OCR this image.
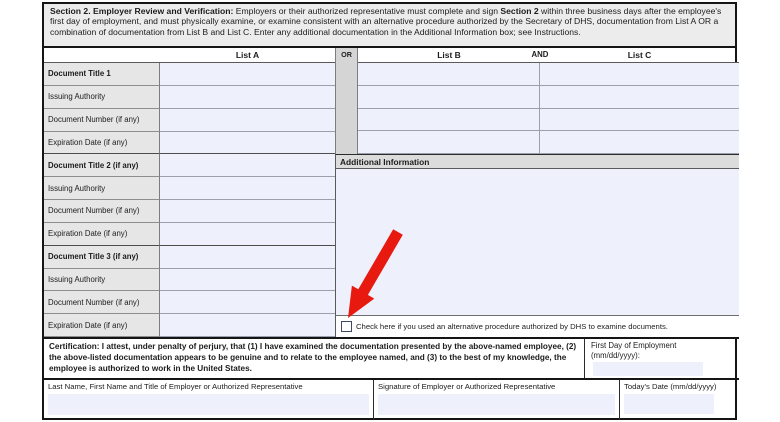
Section 2. Employer Review and Verification: Employers or their authorized representative must complete and sign Section 2 within three business days after the employee's first day of employment, and must physically examine, or examine consistent with an alternative procedure authorized by the Secretary of DHS, documentation from List A OR a combination of documentation from List B and List C. Enter any additional documentation in the Additional Information box; see Instructions.
List A	List B	AND	List C
OR
Document Title 1
Issuing Authority
Document Number (if any)
Expiration Date (if any)
Document Title 2 (if any)
Issuing Authority
Document Number (if any)
Expiration Date (if any)
Document Title 3 (if any)
Issuing Authority
Document Number (if any)
Expiration Date (if any)
Additional Information
Check here if you used an alternative procedure authorized by DHS to examine documents.
Certification: I attest, under penalty of perjury, that (1) I have examined the documentation presented by the above-named employee, (2) the above-listed documentation appears to be genuine and to relate to the employee named, and (3) to the best of my knowledge, the employee is authorized to work in the United States.
First Day of Employment
(mm/dd/yyyy):
Last Name, First Name and Title of Employer or Authorized Representative	Signature of Employer or Authorized Representative	Today's Date (mm/dd/yyyy)
